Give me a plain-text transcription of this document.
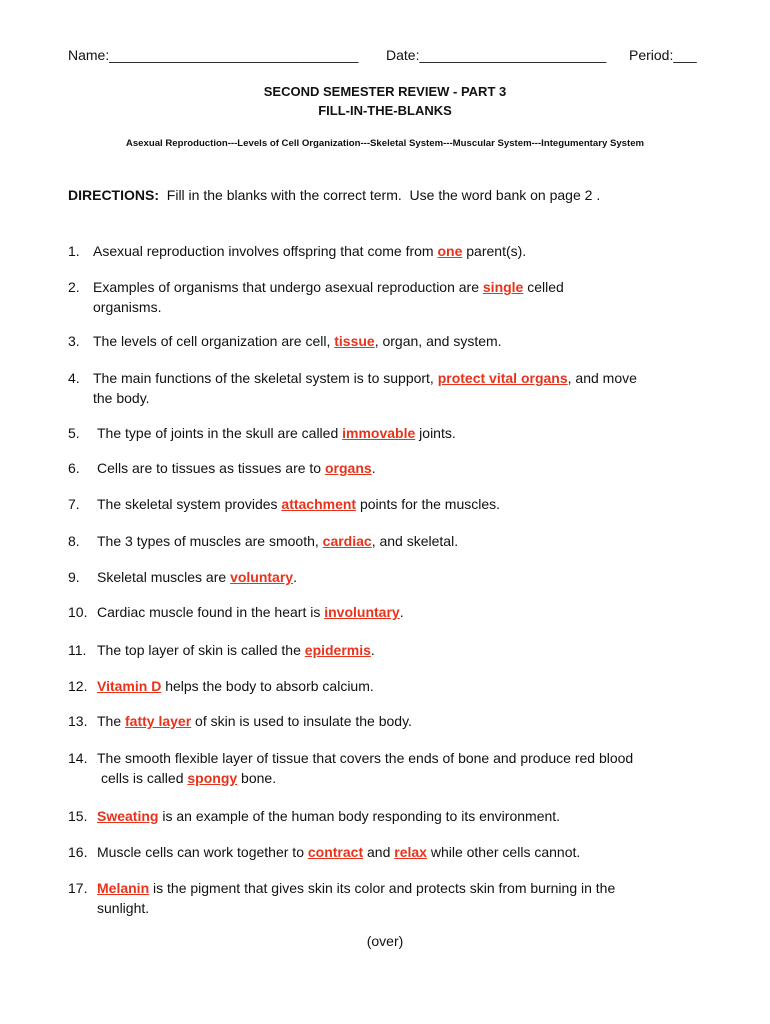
Name:________________________________ Date:________________________ Period:___
SECOND SEMESTER REVIEW - PART 3
FILL-IN-THE-BLANKS
Asexual Reproduction---Levels of Cell Organization---Skeletal System---Muscular System---Integumentary System
DIRECTIONS:  Fill in the blanks with the correct term.  Use the word bank on page 2 .
1. Asexual reproduction involves offspring that come from one parent(s).
2. Examples of organisms that undergo asexual reproduction are single celled
organisms.
3. The levels of cell organization are cell, tissue, organ, and system.
4. The main functions of the skeletal system is to support, protect vital organs, and move
the body.
5. The type of joints in the skull are called immovable joints.
6. Cells are to tissues as tissues are to organs.
7. The skeletal system provides attachment points for the muscles.
8. The 3 types of muscles are smooth, cardiac, and skeletal.
9. Skeletal muscles are voluntary.
10. Cardiac muscle found in the heart is involuntary.
11. The top layer of skin is called the epidermis.
12. Vitamin D helps the body to absorb calcium.
13. The fatty layer of skin is used to insulate the body.
14. The smooth flexible layer of tissue that covers the ends of bone and produce red blood
cells is called spongy bone.
15. Sweating is an example of the human body responding to its environment.
16. Muscle cells can work together to contract and relax while other cells cannot.
17. Melanin is the pigment that gives skin its color and protects skin from burning in the
sunlight.
(over)
